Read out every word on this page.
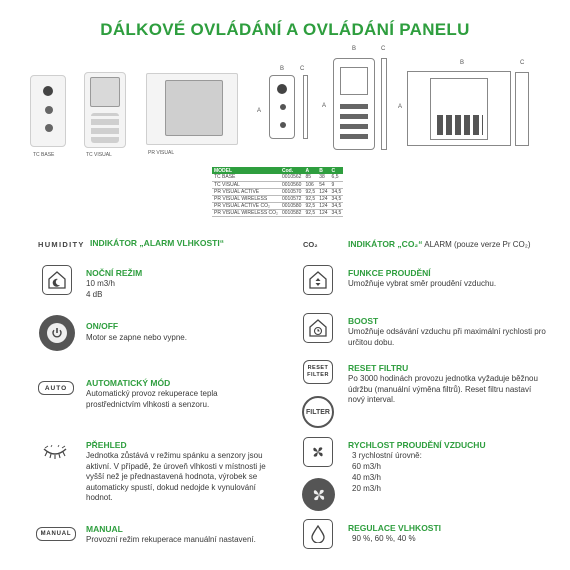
DÁLKOVÉ OVLÁDÁNÍ A OVLÁDÁNÍ PANELU
TC BASE	TC VISUAL	PR VISUAL
B	C
A
B	C
A
B	C
A
MODEL	Cod.	A	B	C
TC BASE	0010562	85	38	6,5
TC VISUAL	0010560	106	54	9
PR VISUAL ACTIVE	0010570	92,5	124	34,5
PR VISUAL WIRELESS	0010572	92,5	124	34,5
PR VISUAL ACTIVE CO₂	0010580	92,5	124	34,5
PR VISUAL WIRELESS CO₂	0010582	92,5	124	34,5
HUMIDITY INDIKÁTOR „ALARM VLHKOSTI“
NOČNÍ REŽIM
10 m3/h
4 dB
ON/OFF
Motor se zapne nebo vypne.
AUTO	AUTOMATICKÝ MÓD
Automatický provoz rekuperace tepla prostřednictvím vlhkosti a senzoru.
PŘEHLED
Jednotka zůstává v režimu spánku a senzory jsou aktivní. V případě, že úroveň vlhkosti v místnosti je vyšší než je přednastavená hodnota, výrobek se automaticky spustí, dokud nedojde k vynulování hodnot.
MANUAL	MANUAL
Provozní režim rekuperace manuální nastavení.
CO₂	INDIKÁTOR „CO₂“ ALARM (pouze verze Pr CO₂)
FUNKCE PROUDĚNÍ
Umožňuje vybrat směr proudění vzduchu.
BOOST
Umožňuje odsávání vzduchu při maximální rychlosti pro určitou dobu.
RESET
FILTER
FILTER
RESET FILTRU
Po 3000 hodinách provozu jednotka vyžaduje běžnou údržbu (manuální výměna filtrů). Reset filtru nastaví nový interval.
RYCHLOST PROUDĚNÍ VZDUCHU
3 rychlostní úrovně:
60 m3/h
40 m3/h
20 m3/h
REGULACE VLHKOSTI
90 %, 60 %, 40 %
